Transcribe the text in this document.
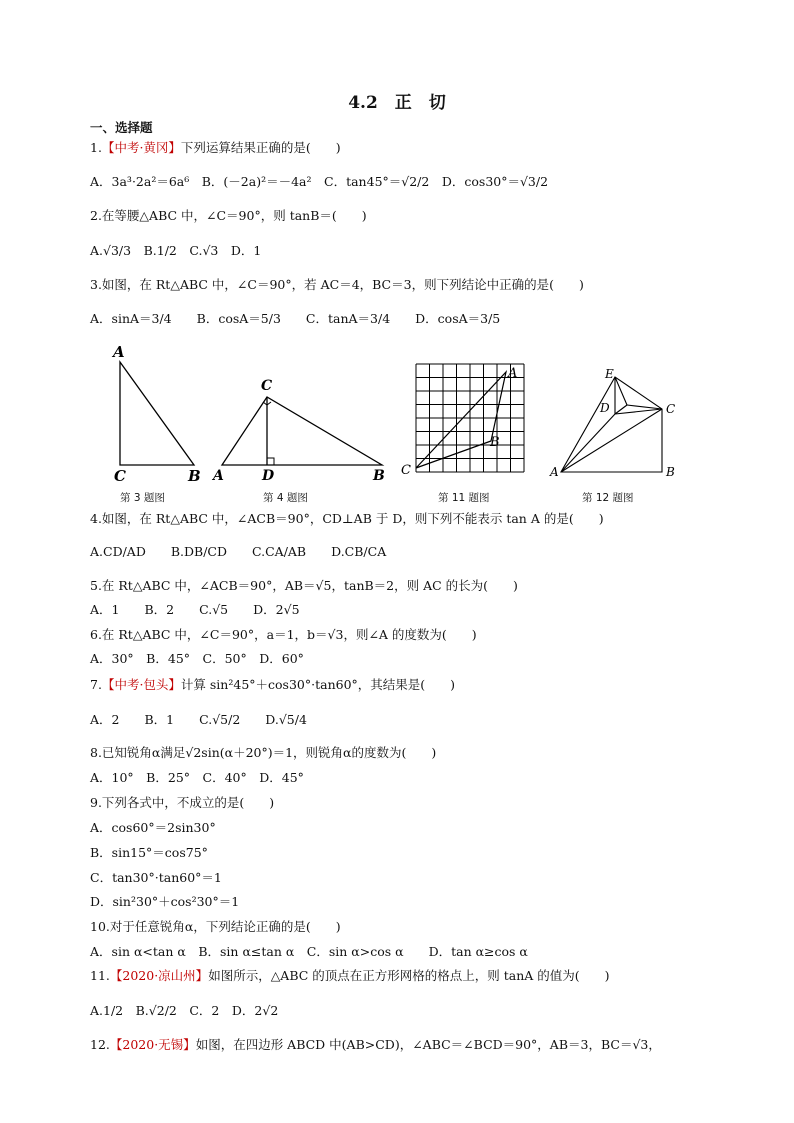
4.2　正　切
一、选择题
1.【中考·黄冈】下列运算结果正确的是(　　)
A．3a³·2a²＝6a⁶　B．(－2a)²＝－4a²　C．tan45°＝√2/2　D．cos30°＝√3/2
2.在等腰△ABC 中，∠C＝90°，则 tanB＝(　　)
A.√3/3　B.1/2　C.√3　D．1
3.如图，在 Rt△ABC 中，∠C＝90°，若 AC＝4，BC＝3，则下列结论中正确的是(　　)
A．sinA＝3/4　　B．cosA＝5/3　　C．tanA＝3/4　　D．cosA＝3/5
A
C	B
第 3 题图
C
A	D	B
第 4 题图
A
B
C
第 11 题图
E
D	C
A	B
第 12 题图
4.如图，在 Rt△ABC 中，∠ACB＝90°，CD⊥AB 于 D，则下列不能表示 tan A 的是(　　)
A.CD/AD　　B.DB/CD　　C.CA/AB　　D.CB/CA
5.在 Rt△ABC 中，∠ACB＝90°，AB＝√5，tanB＝2，则 AC 的长为(　　)
A．1　　B．2　　C.√5　　D．2√5
6.在 Rt△ABC 中，∠C＝90°，a＝1，b＝√3，则∠A 的度数为(　　)
A．30°　B．45°　C．50°　D．60°
7.【中考·包头】计算 sin²45°＋cos30°·tan60°，其结果是(　　)
A．2　　B．1　　C.√5/2　　D.√5/4
8.已知锐角α满足√2sin(α＋20°)＝1，则锐角α的度数为(　　)
A．10°　B．25°　C．40°　D．45°
9.下列各式中，不成立的是(　　)
A．cos60°＝2sin30°
B．sin15°＝cos75°
C．tan30°·tan60°＝1
D．sin²30°＋cos²30°＝1
10.对于任意锐角α，下列结论正确的是(　　)
A．sin α<tan α　B．sin α≤tan α　C．sin α>cos α　　D．tan α≥cos α
11.【2020·凉山州】如图所示，△ABC 的顶点在正方形网格的格点上，则 tanA 的值为(　　)
A.1/2　B.√2/2　C．2　D．2√2
12.【2020·无锡】如图，在四边形 ABCD 中(AB>CD)，∠ABC＝∠BCD＝90°，AB＝3，BC＝√3，
